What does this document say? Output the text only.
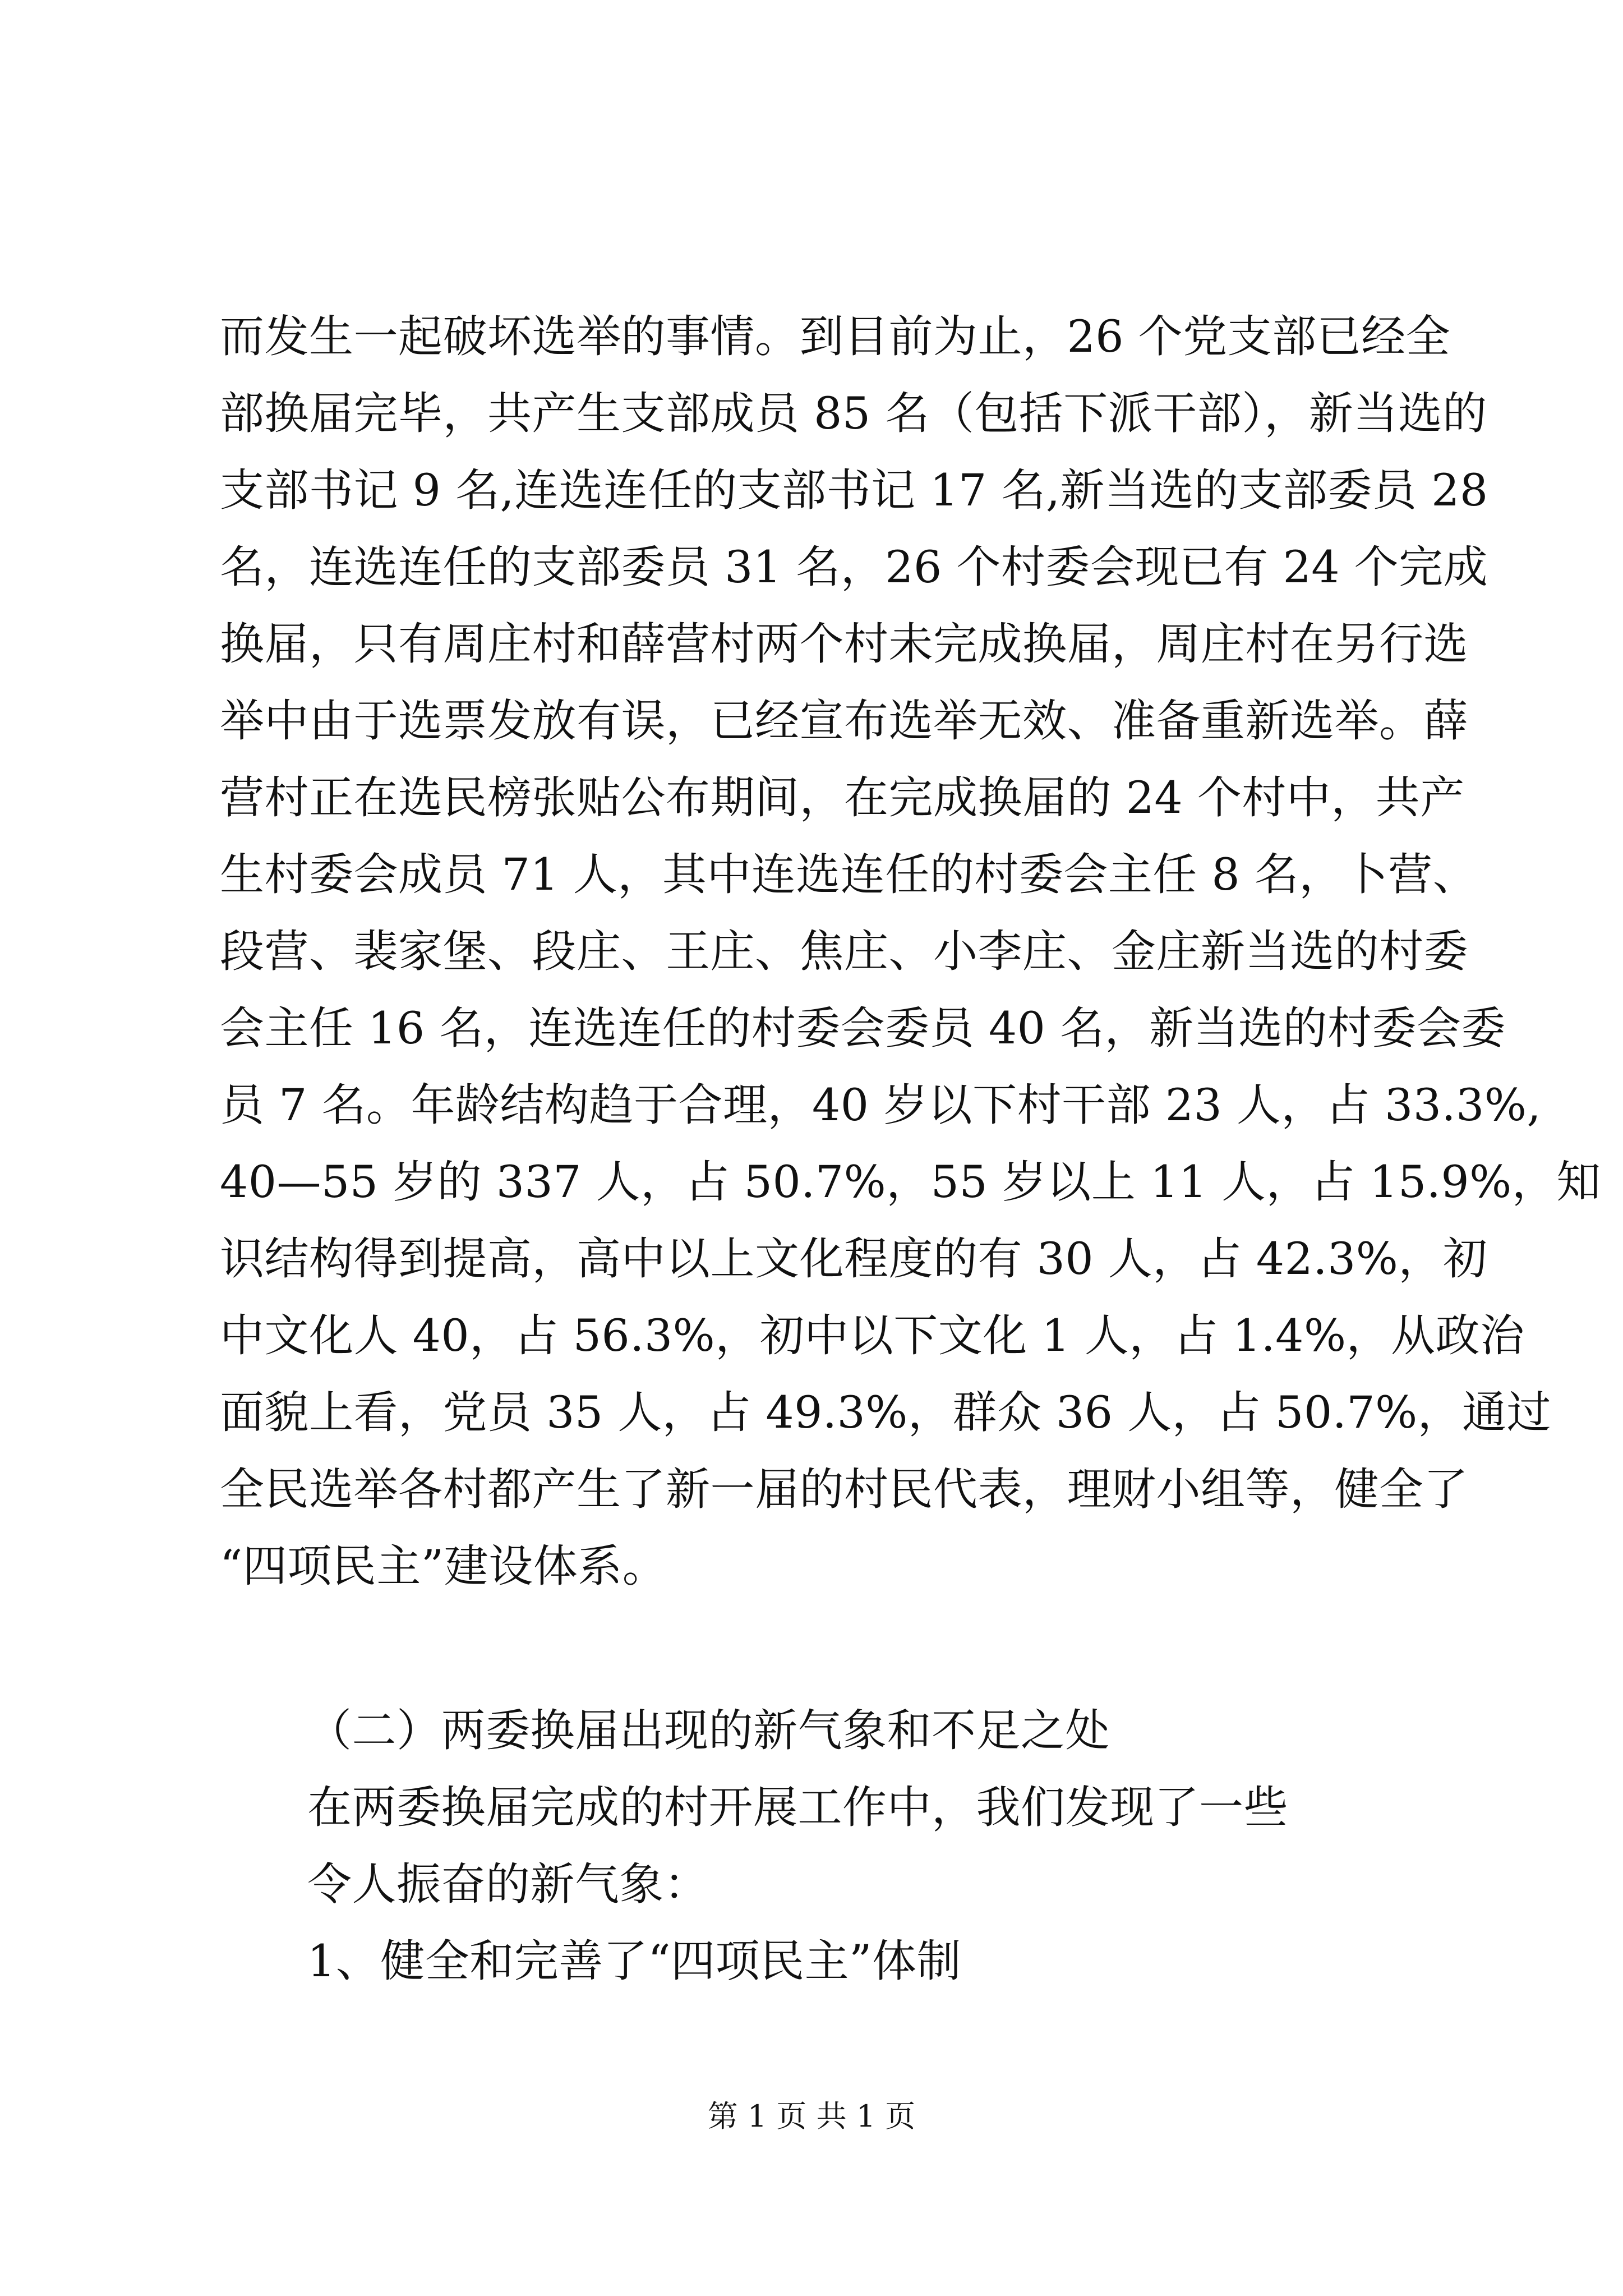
而发生一起破坏选举的事情。到目前为止，26 个党支部已经全
部换届完毕，共产生支部成员 85 名（包括下派干部），新当选的
支部书记 9 名,连选连任的支部书记 17 名,新当选的支部委员 28
名，连选连任的支部委员 31 名，26 个村委会现已有 24 个完成
换届，只有周庄村和薛营村两个村未完成换届，周庄村在另行选
举中由于选票发放有误，已经宣布选举无效、准备重新选举。薛
营村正在选民榜张贴公布期间，在完成换届的 24 个村中，共产
生村委会成员 71 人，其中连选连任的村委会主任 8 名，卜营、
段营、裴家堡、段庄、王庄、焦庄、小李庄、金庄新当选的村委
会主任 16 名，连选连任的村委会委员 40 名，新当选的村委会委
员 7 名。年龄结构趋于合理，40 岁以下村干部 23 人，占 33.3%,
40—55 岁的 337 人，占 50.7%，55 岁以上 11 人，占 15.9%，知
识结构得到提高，高中以上文化程度的有 30 人，占 42.3%，初
中文化人 40，占 56.3%，初中以下文化 1 人，占 1.4%，从政治
面貌上看，党员 35 人，占 49.3%，群众 36 人，占 50.7%，通过
全民选举各村都产生了新一届的村民代表，理财小组等，健全了
“四项民主”建设体系。
（二）两委换届出现的新气象和不足之处
在两委换届完成的村开展工作中，我们发现了一些
令人振奋的新气象：
1、健全和完善了“四项民主”体制
第 1 页 共 1 页
